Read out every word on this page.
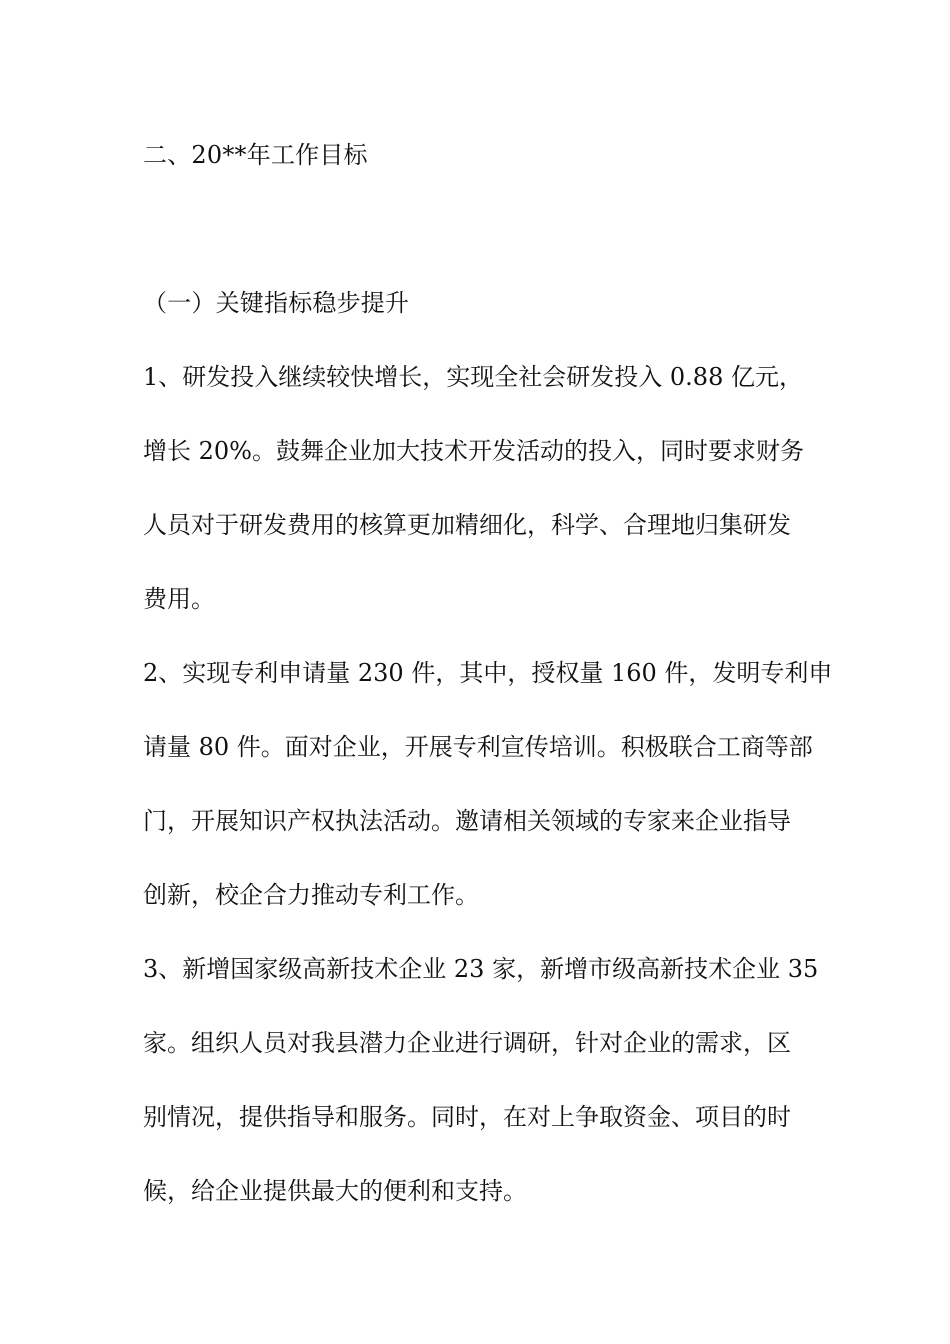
二、20**年工作目标
（一）关键指标稳步提升

1、研发投入继续较快增长，实现全社会研发投入 0.88 亿元，

增长 20%。鼓舞企业加大技术开发活动的投入，同时要求财务

人员对于研发费用的核算更加精细化，科学、合理地归集研发

费用。

2、实现专利申请量 230 件，其中，授权量 160 件，发明专利申

请量 80 件。面对企业，开展专利宣传培训。积极联合工商等部

门，开展知识产权执法活动。邀请相关领域的专家来企业指导

创新，校企合力推动专利工作。

3、新增国家级高新技术企业 23 家，新增市级高新技术企业 35

家。组织人员对我县潜力企业进行调研，针对企业的需求，区

别情况，提供指导和服务。同时，在对上争取资金、项目的时

候，给企业提供最大的便利和支持。
